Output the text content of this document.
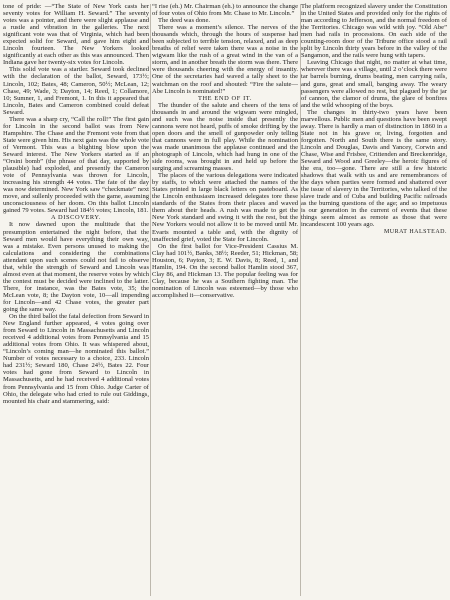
tone of pride: —“The State of New York casts her seventy votes for William H. Seward.” The seventy votes was a pointer, and there were slight applause and a rustle and vibration in the galleries. The next significant vote was that of Virginia, which had been expected solid for Seward, and gave him eight and Lincoln fourteen. The New Yorkers looked significantly at each other as this was announced. Then Indiana gave her twenty-six votes for Lincoln.

This solid vote was a startler. Seward took declined with the declaration of the ballot, Seward, 173½; Lincoln, 102; Bates, 48; Cameron, 50½; McLean, 12; Chase, 49; Wade, 3; Dayton, 14; Reed, 1; Collamore, 10; Sumner, 1, and Fremont, 1. In this it appeared that Lincoln, Bates and Cameron combined could defeat Seward.

There was a sharp cry, “Call the roll!” The first gain for Lincoln in the second ballot was from New Hampshire. The Chase and the Fremont vote from that State were given him. His next gain was the whole vote of Vermont. This was a blighting blow upon the Seward interest. The New Yorkers started as if an “Orsini bomb” (the phrase of that day, supported by plausible) had exploded, and presently the Cameron vote of Pennsylvania was thrown for Lincoln, increasing his strength 44 votes. The fate of the day was now determined. New York saw “checkmate” next move, and sullenly proceeded with the game, assuming unconsciousness of her doom. On this ballot Lincoln gained 79 votes. Seward had 184½ votes; Lincoln, 181.

A DISCOVERY.

It now dawned upon the multitude that the presumption entertained the night before, that the Seward men would have everything their own way, was a mistake. Even persons unused to making the calculations and considering the combinations attendant upon such scenes could not fail to observe that, while the strength of Seward and Lincoln was almost even at that moment, the reserve votes by which the contest must be decided were inclined to the latter. There, for instance, was the Bates vote, 35; the McLean vote, 8; the Dayton vote, 10—all impending for Lincoln—and 42 Chase votes, the greater part going the same way.

On the third ballot the fatal defection from Seward in New England further appeared, 4 votes going over from Seward to Lincoln in Massachusetts and Lincoln received 4 additional votes from Pennsylvania and 15 additional votes from Ohio. It was whispered about, “Lincoln’s coming man—he nominated this ballot.” Number of votes necessary to a choice, 233. Lincoln had 231½; Seward 180, Chase 24½, Bates 22. Four votes had gone from Seward to Lincoln in Massachusetts, and he had received 4 additional votes from Pennsylvania and 15 from Ohio. Judge Carter of Ohio, the delegate who had cried to rule out Giddings, mounted his chair and stammering, said:

“I rise (eh.) Mr. Chairman (eh.) to announce the change of four votes of Ohio from Mr. Chase to Mr. Lincoln.”

The deed was done.

There was a moment’s silence. The nerves of the thousands which, through the hours of suspense had been subjected to terrible tension, relaxed, and as deep breaths of relief were taken there was a noise in the wigwam like the rush of a great wind in the van of a storm, and in another breath the storm was there. There were thousands cheering with the energy of insanity. One of the secretaries had waved a tally sheet to the watchman on the roof and shouted: “Fire the salute—Abe Lincoln is nominated!”

THE END OF IT.

The thunder of the salute and cheers of the tens of thousands in and around the wigwam were mingled, and such was the noise inside that presently the cannons were not heard, puffs of smoke drifting by the open doors and the smell of gunpowder only telling that cannons were in full play. While the nomination was made unanimous the applause continued and the photograph of Lincoln, which had hung in one of the side rooms, was brought in and held up before the surging and screaming masses.

The places of the various delegations were indicated by staffs, to which were attached the names of the States printed in large black letters on pasteboard. As the Lincoln enthusiasm increased delegates tore these standards of the States from their places and waved them about their heads. A rush was made to get the New York standard and swing it with the rest, but the New Yorkers would not allow it to be moved until Mr. Evarts mounted a table and, with the dignity of unaffected grief, voted the State for Lincoln.

On the first ballot for Vice-President Cassius M. Clay had 101½, Banks, 38½; Reeder, 51; Hickman, 58; Houston, 6; Payton, 3; E. W. Davis, 8; Reed, 1, and Hamlin, 194. On the second ballot Hamlin stood 367, Clay 86, and Hickman 13. The popular feeling was for Clay, because he was a Southern fighting man. The nomination of Lincoln was esteemed—by those who accomplished it—conservative.

The platform recognized slavery under the Constitution in the United States and provided only for the rights of man according to Jefferson, and the normal freedom of the Territories. Chicago was wild with joy. “Old Abe” men had rails in processions. On each side of the counting-room door of the Tribune office stood a rail split by Lincoln thirty years before in the valley of the Sangamon, and the rails were hung with tapers.

Leaving Chicago that night, no matter at what time, wherever there was a village, until 2 o’clock there were tar barrels burning, drums beating, men carrying rails, and guns, great and small, banging away. The weary passengers were allowed no rest, but plagued by the jar of cannon, the clamor of drums, the glare of bonfires and the wild whooping of the boys.

The changes in thirty-two years have been marvellous. Public men and questions have been swept away. There is hardly a man of distinction in 1860 in a State not in his grave or, living, forgotten and forgotten. North and South there is the same story. Lincoln and Douglas, Davis and Yancey, Corwin and Chase, Wise and Frisbee, Crittenden and Breckenridge, Seward and Wood and Greeley—the heroic figures of the era, too—gone. There are still a few historic shadows that walk with us and are remembrances of the days when parties were formed and shattered over the issue of slavery in the Territories, who talked of the slave trade and of Cuba and building Pacific railroads as the burning questions of the age; and so impetuous is our generation in the current of events that these things seem almost as remote as those that were incandescent 100 years ago.

MURAT HALSTEAD.
